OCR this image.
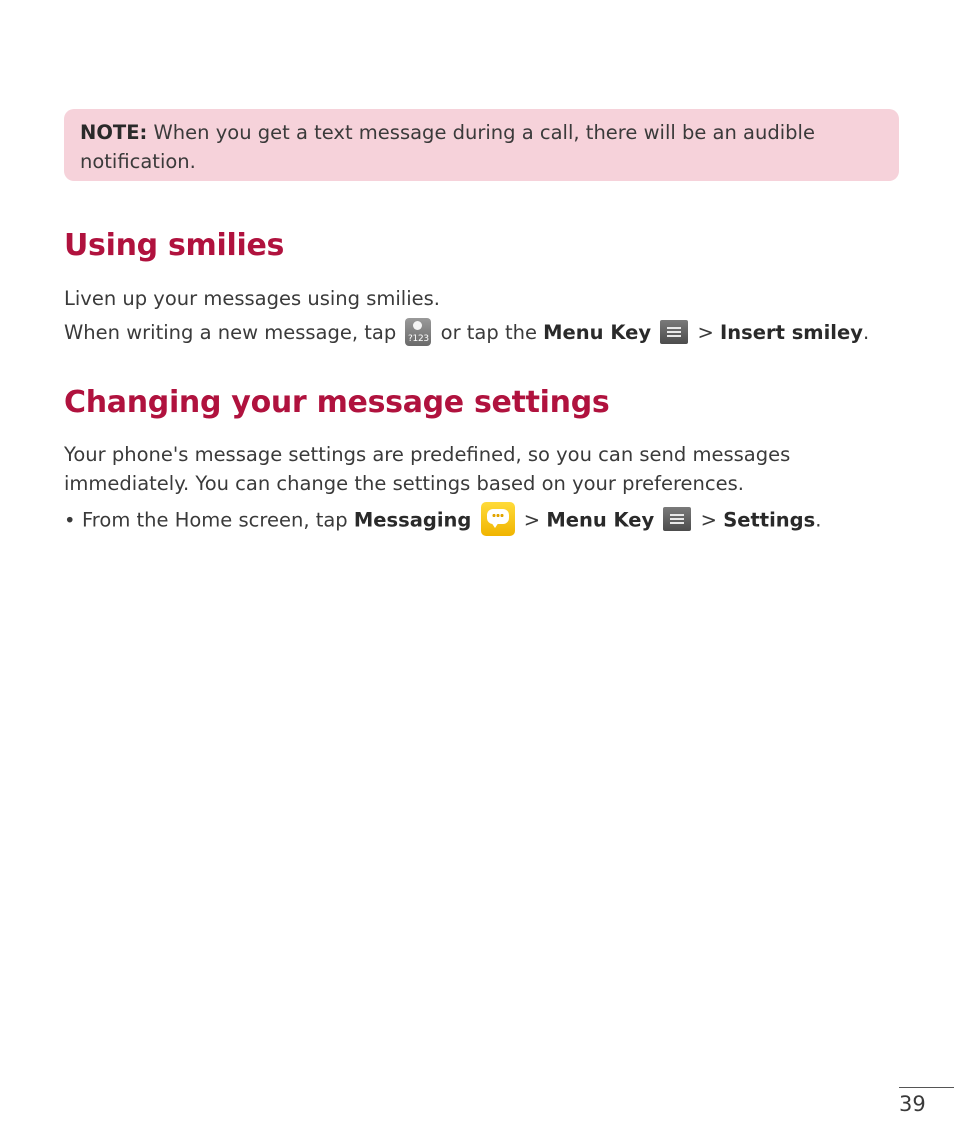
NOTE: When you get a text message during a call, there will be an audible notification.
Using smilies

Liven up your messages using smilies.

When writing a new message, tap ?123 or tap the Menu Key
> Insert smiley.

Changing your message settings

Your phone's message settings are predefined, so you can send messages immediately. You can change the settings based on your preferences.

• From the Home screen, tap Messaging
> Menu Key
> Settings.

39
